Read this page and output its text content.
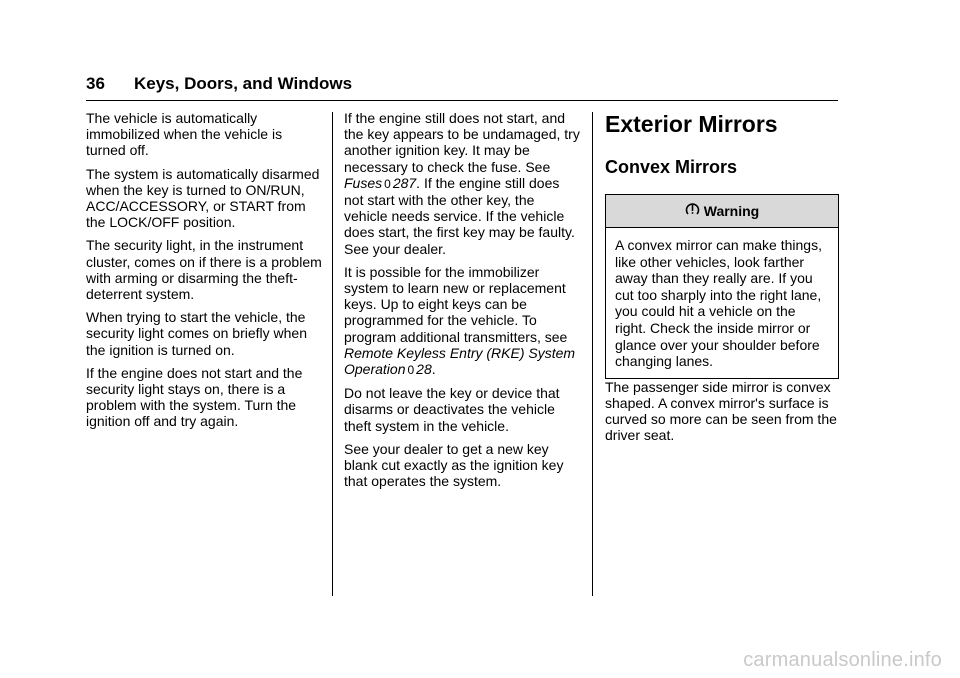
36 Keys, Doors, and Windows

The vehicle is automatically immobilized when the vehicle is turned off.

The system is automatically disarmed when the key is turned to ON/RUN, ACC/ACCESSORY, or START from the LOCK/OFF position.

The security light, in the instrument cluster, comes on if there is a problem with arming or disarming the theft-deterrent system.

When trying to start the vehicle, the security light comes on briefly when the ignition is turned on.

If the engine does not start and the security light stays on, there is a problem with the system. Turn the ignition off and try again.

If the engine still does not start, and the key appears to be undamaged, try another ignition key. It may be necessary to check the fuse. See Fuses 0 287. If the engine still does not start with the other key, the vehicle needs service. If the vehicle does start, the first key may be faulty. See your dealer.

It is possible for the immobilizer system to learn new or replacement keys. Up to eight keys can be programmed for the vehicle. To program additional transmitters, see Remote Keyless Entry (RKE) System Operation 0 28.

Do not leave the key or device that disarms or deactivates the vehicle theft system in the vehicle.

See your dealer to get a new key blank cut exactly as the ignition key that operates the system.

Exterior Mirrors
Convex Mirrors
Warning
A convex mirror can make things, like other vehicles, look farther away than they really are. If you cut too sharply into the right lane, you could hit a vehicle on the right. Check the inside mirror or glance over your shoulder before changing lanes.

The passenger side mirror is convex shaped. A convex mirror's surface is curved so more can be seen from the driver seat.

carmanualsonline.info
